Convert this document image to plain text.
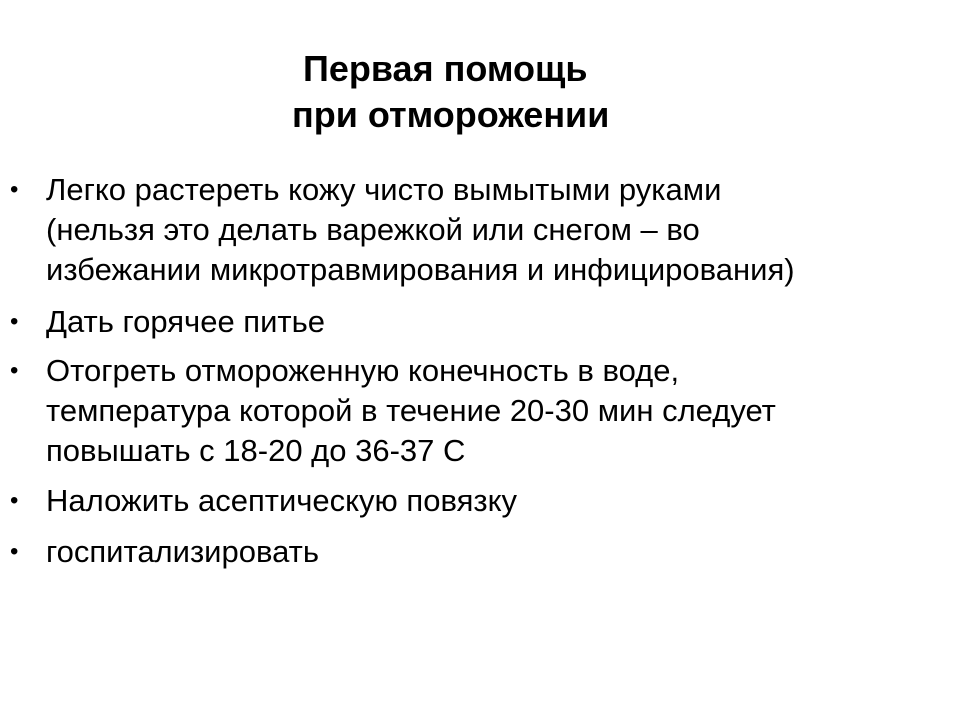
Первая помощь
при отморожении
• Легко растереть кожу чисто вымытыми руками
(нельзя это делать варежкой или снегом – во
избежании микротравмирования и инфицирования)
• Дать горячее питье
• Отогреть отмороженную конечность в воде,
температура которой в течение 20-30 мин следует
повышать с 18-20 до 36-37 С
• Наложить асептическую повязку
• госпитализировать
